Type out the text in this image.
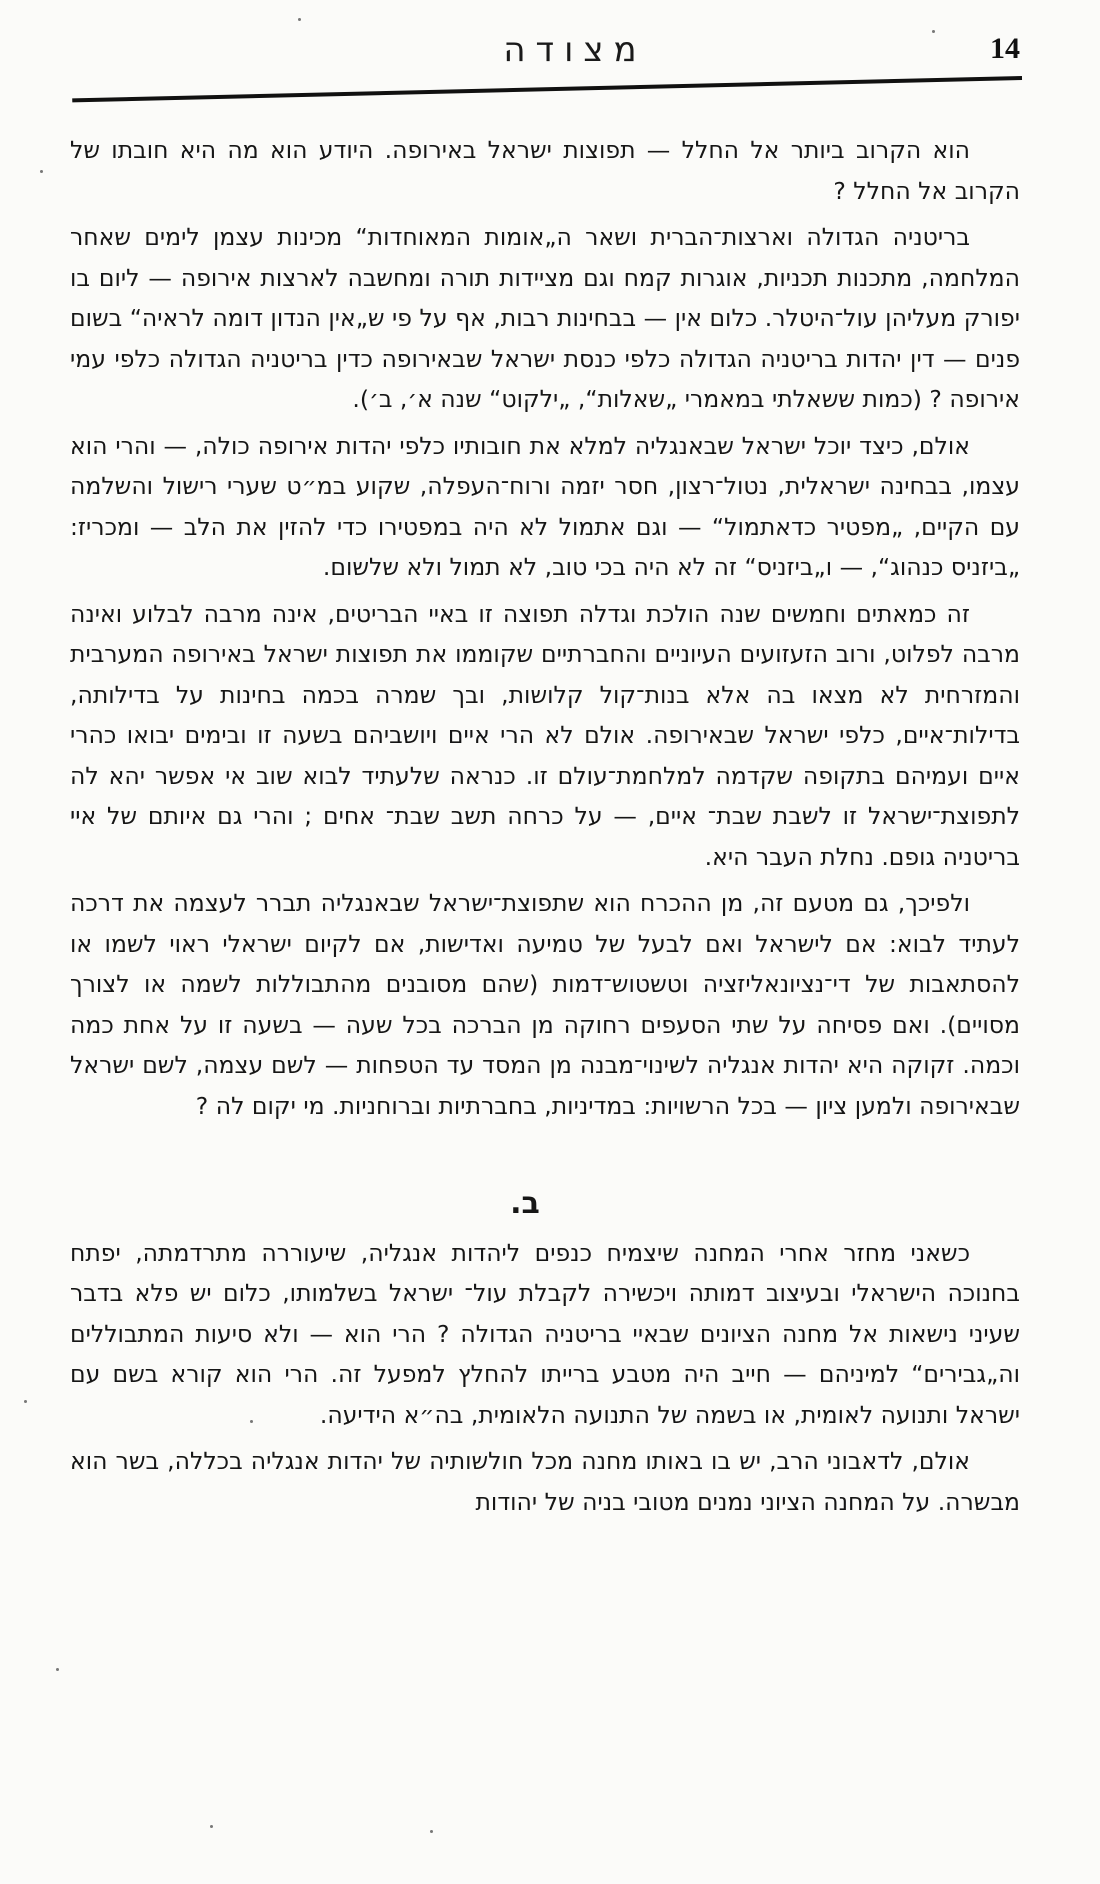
מצודה	14

הוא הקרוב ביותר אל החלל — תפוצות ישראל באירופה. היודע הוא מה היא חובתו של הקרוב אל החלל ?

בריטניה הגדולה וארצות־הברית ושאר ה„אומות המאוחדות“ מכינות עצמן לימים שאחר המלחמה, מתכנות תכניות, אוגרות קמח וגם מציידות תורה ומחשבה לארצות אירופה — ליום בו יפורק מעליהן עול־היטלר. כלום אין — בבחינות רבות, אף על פי ש„אין הנדון דומה לראיה“ בשום פנים — דין יהדות בריטניה הגדולה כלפי כנסת ישראל שבאירופה כדין בריטניה הגדולה כלפי עמי אירופה ? (כמות ששאלתי במאמרי „שאלות“, „ילקוט“ שנה א׳, ב׳).

אולם, כיצד יוכל ישראל שבאנגליה למלא את חובותיו כלפי יהדות אירופה כולה, — והרי הוא עצמו, בבחינה ישראלית, נטול־רצון, חסר יזמה ורוח־העפלה, שקוע במ״ט שערי רישול והשלמה עם הקיים, „מפטיר כדאתמול“ — וגם אתמול לא היה במפטירו כדי להזין את הלב — ומכריז: „ביזניס כנהוג“, — ו„ביזניס“ זה לא היה בכי טוב, לא תמול ולא שלשום.

זה כמאתים וחמשים שנה הולכת וגדלה תפוצה זו באיי הבריטים, אינה מרבה לבלוע ואינה מרבה לפלוט, ורוב הזעזועים העיוניים והחברתיים שקוממו את תפוצות ישראל באירופה המערבית והמזרחית לא מצאו בה אלא בנות־קול קלושות, ובך שמרה בכמה בחינות על בדילותה, בדילות־איים, כלפי ישראל שבאירופה. אולם לא הרי איים ויושביהם בשעה זו ובימים יבואו כהרי איים ועמיהם בתקופה שקדמה למלחמת־עולם זו. כנראה שלעתיד לבוא שוב אי אפשר יהא לה לתפוצת־ישראל זו לשבת שבת־ איים, — על כרחה תשב שבת־ אחים ; והרי גם איותם של איי בריטניה גופם. נחלת העבר היא.

ולפיכך, גם מטעם זה, מן ההכרח הוא שתפוצת־ישראל שבאנגליה תברר לעצמה את דרכה לעתיד לבוא: אם לישראל ואם לבעל של טמיעה ואדישות, אם לקיום ישראלי ראוי לשמו או להסתאבות של די־נציונאליזציה וטשטוש־דמות (שהם מסובנים מהתבוללות לשמה או לצורך מסויים). ואם פסיחה על שתי הסעפים רחוקה מן הברכה בכל שעה — בשעה זו על אחת כמה וכמה. זקוקה היא יהדות אנגליה לשינוי־מבנה מן המסד עד הטפחות — לשם עצמה, לשם ישראל שבאירופה ולמען ציון — בכל הרשויות: במדיניות, בחברתיות וברוחניות. מי יקום לה ?

ב.

כשאני מחזר אחרי המחנה שיצמיח כנפים ליהדות אנגליה, שיעוררה מתרדמתה, יפתח בחנוכה הישראלי ובעיצוב דמותה ויכשירה לקבלת עול־ ישראל בשלמותו, כלום יש פלא בדבר שעיני נישאות אל מחנה הציונים שבאיי בריטניה הגדולה ? הרי הוא — ולא סיעות המתבוללים וה„גבירים“ למיניהם — חייב היה מטבע ברייתו להחלץ למפעל זה. הרי הוא קורא בשם עם ישראל ותנועה לאומית, או בשמה של התנועה הלאומית, בה״א הידיעה.

אולם, לדאבוני הרב, יש בו באותו מחנה מכל חולשותיה של יהדות אנגליה בכללה, בשר הוא מבשרה. על המחנה הציוני נמנים מטובי בניה של יהודות
